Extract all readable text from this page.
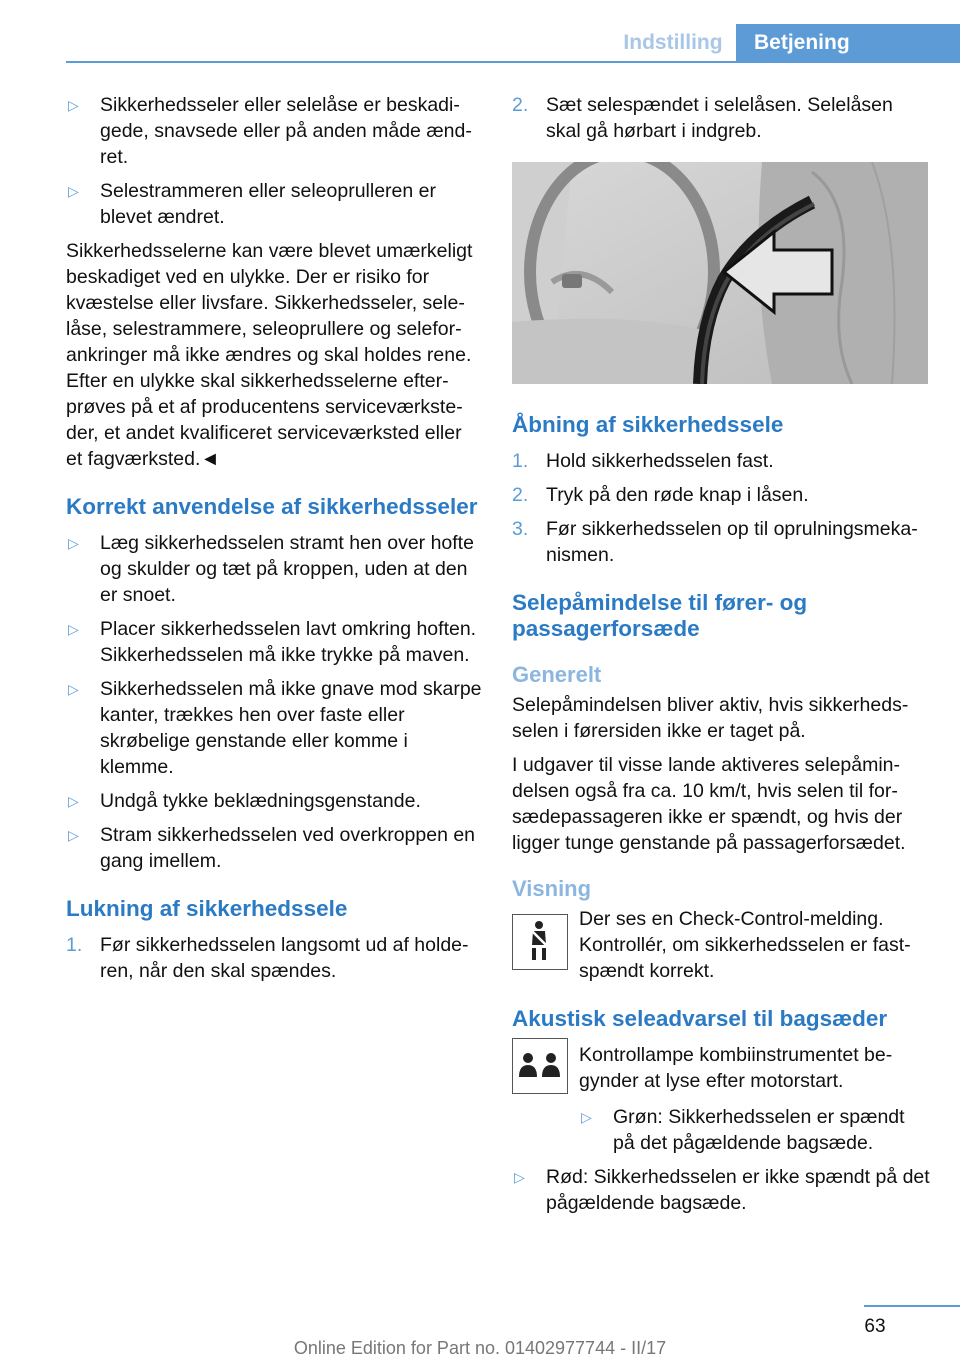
Indstilling	Betjening
▷ Sikkerhedsseler eller selelåse er beskadigede, snavsede eller på anden måde ændret.
▷ Selestrammeren eller seleoprulleren er blevet ændret.

Sikkerhedsselerne kan være blevet umærkeligt beskadiget ved en ulykke. Der er risiko for kvæstelse eller livsfare. Sikkerhedsseler, selelåse, selestrammere, seleoprullere og seleforankringer må ikke ændres og skal holdes rene. Efter en ulykke skal sikkerhedsselerne efterprøves på et af producentens serviceværksteder, et andet kvalificeret serviceværksted eller et fagværksted.◄

Korrekt anvendelse af sikkerhedsseler
▷ Læg sikkerhedsselen stramt hen over hofte og skulder og tæt på kroppen, uden at den er snoet.
▷ Placer sikkerhedsselen lavt omkring hoften. Sikkerhedsselen må ikke trykke på maven.
▷ Sikkerhedsselen må ikke gnave mod skarpe kanter, trækkes hen over faste eller skrøbelige genstande eller komme i klemme.
▷ Undgå tykke beklædningsgenstande.
▷ Stram sikkerhedsselen ved overkroppen en gang imellem.
Lukning af sikkerhedssele
1. Før sikkerhedsselen langsomt ud af holderen, når den skal spændes.
2. Sæt selespændet i selelåsen. Selelåsen skal gå hørbart i indgreb.
Åbning af sikkerhedssele
1. Hold sikkerhedsselen fast.
2. Tryk på den røde knap i låsen.
3. Før sikkerhedsselen op til oprulningsmekanismen.
Selepåmindelse til fører- og passagerforsæde
Generelt

Selepåmindelsen bliver aktiv, hvis sikkerhedsselen i førersiden ikke er taget på.

I udgaver til visse lande aktiveres selepåmindelsen også fra ca. 10 km/t, hvis selen til forsædepassageren ikke er spændt, og hvis der ligger tunge genstande på passagerforsædet.

Visning

Der ses en Check-Control-melding. Kontrollér, om sikkerhedsselen er fastspændt korrekt.

Akustisk seleadvarsel til bagsæder

Kontrollampe kombiinstrumentet begynder at lyse efter motorstart.

▷ Grøn: Sikkerhedsselen er spændt på det pågældende bagsæde.
▷ Rød: Sikkerhedsselen er ikke spændt på det pågældende bagsæde.
63
Online Edition for Part no. 01402977744 - II/17
